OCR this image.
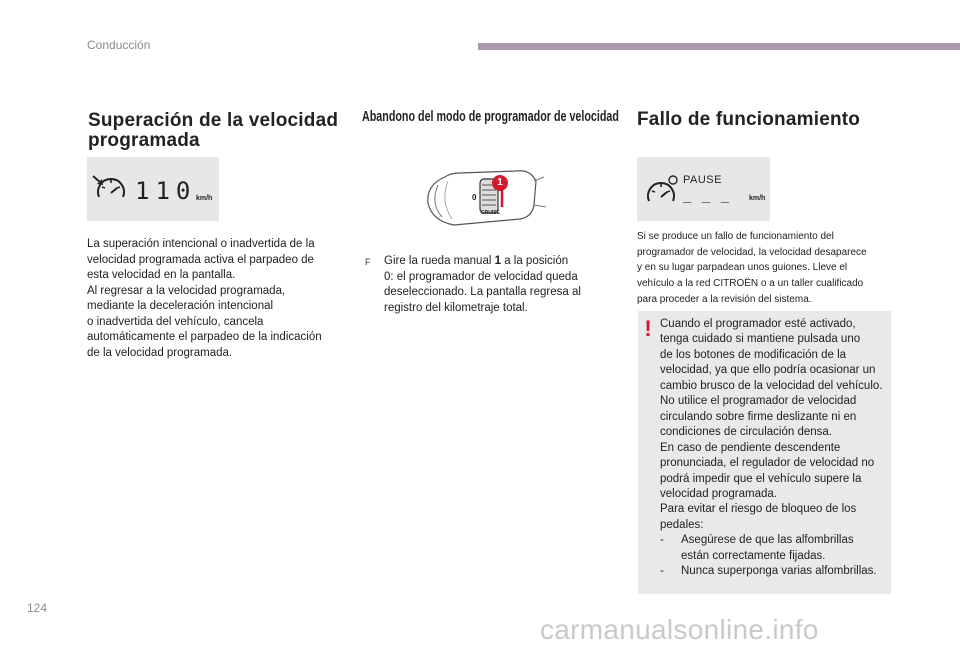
Conducción
Superación de la velocidad
programada
110 km/h
La superación intencional o inadvertida de la
velocidad programada activa el parpadeo de
esta velocidad en la pantalla.
Al regresar a la velocidad programada,
mediante la deceleración intencional
o inadvertida del vehículo, cancela
automáticamente el parpadeo de la indicación
de la velocidad programada.
Abandono del modo de programador de velocidad
1
0
CRUISE
F Gire la rueda manual 1 a la posición
0: el programador de velocidad queda
deseleccionado. La pantalla regresa al
registro del kilometraje total.
Fallo de funcionamiento
PAUSE
_ _ _	km/h
Si se produce un fallo de funcionamiento del
programador de velocidad, la velocidad desaparece
y en su lugar parpadean unos guiones. Lleve el
vehículo a la red CITROËN o a un taller cualificado
para proceder a la revisión del sistema.
! Cuando el programador esté activado,
tenga cuidado si mantiene pulsada uno
de los botones de modificación de la
velocidad, ya que ello podría ocasionar un
cambio brusco de la velocidad del vehículo.
No utilice el programador de velocidad
circulando sobre firme deslizante ni en
condiciones de circulación densa.
En caso de pendiente descendente
pronunciada, el regulador de velocidad no
podrá impedir que el vehículo supere la
velocidad programada.
Para evitar el riesgo de bloqueo de los
pedales:
-	Asegúrese de que las alfombrillas
están correctamente fijadas.
-	Nunca superponga varias alfombrillas.
124
carmanualsonline.info
